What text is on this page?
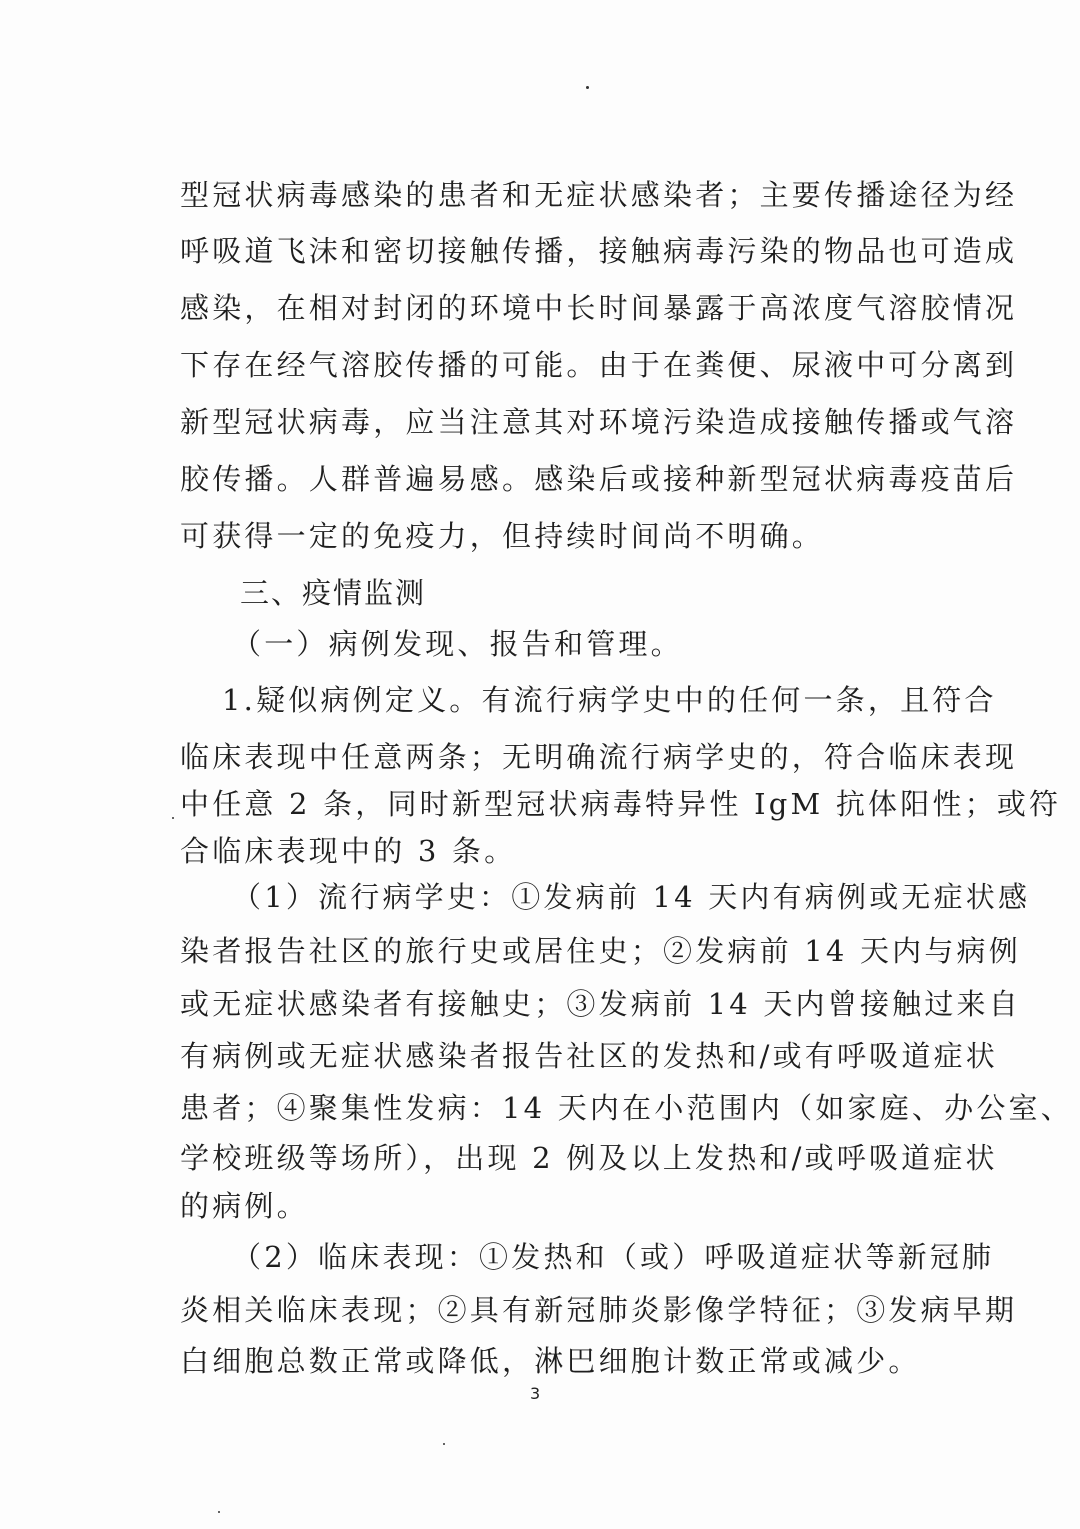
型冠状病毒感染的患者和无症状感染者；主要传播途径为经
呼吸道飞沫和密切接触传播，接触病毒污染的物品也可造成
感染，在相对封闭的环境中长时间暴露于高浓度气溶胶情况
下存在经气溶胶传播的可能。由于在粪便、尿液中可分离到
新型冠状病毒，应当注意其对环境污染造成接触传播或气溶
胶传播。人群普遍易感。感染后或接种新型冠状病毒疫苗后
可获得一定的免疫力，但持续时间尚不明确。
三、疫情监测
（一）病例发现、报告和管理。
1.疑似病例定义。有流行病学史中的任何一条，且符合
临床表现中任意两条；无明确流行病学史的，符合临床表现
中任意 2 条，同时新型冠状病毒特异性 IgM 抗体阳性；或符
合临床表现中的 3 条。
（1）流行病学史：①发病前 14 天内有病例或无症状感
染者报告社区的旅行史或居住史；②发病前 14 天内与病例
或无症状感染者有接触史；③发病前 14 天内曾接触过来自
有病例或无症状感染者报告社区的发热和/或有呼吸道症状
患者；④聚集性发病：14 天内在小范围内（如家庭、办公室、
学校班级等场所），出现 2 例及以上发热和/或呼吸道症状
的病例。
（2）临床表现：①发热和（或）呼吸道症状等新冠肺
炎相关临床表现；②具有新冠肺炎影像学特征；③发病早期
白细胞总数正常或降低，淋巴细胞计数正常或减少。
3
